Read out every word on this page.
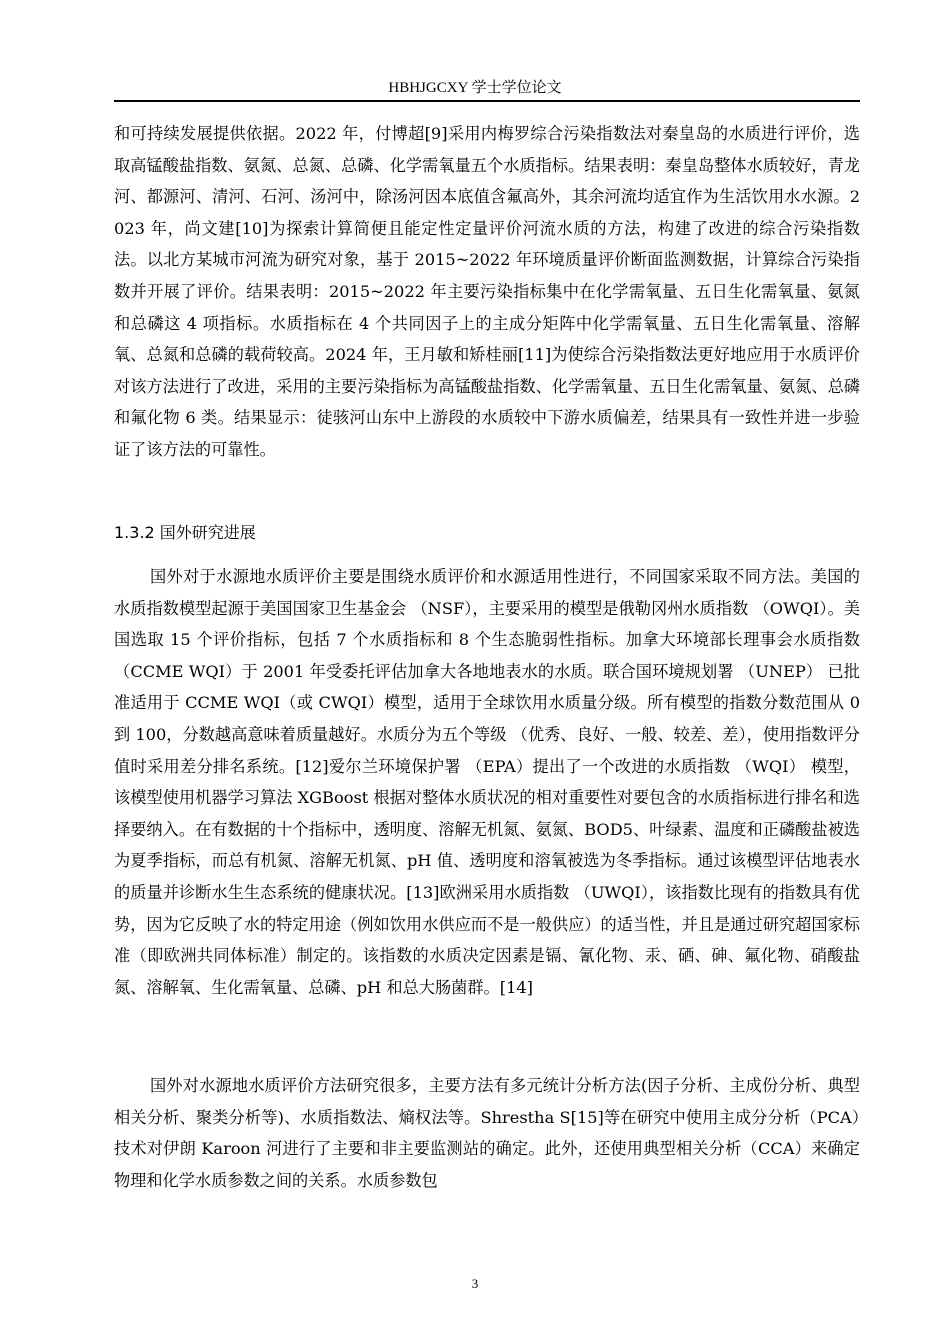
HBHJGCXY 学士学位论文

和可持续发展提供依据。2022 年，付博超[9]采用内梅罗综合污染指数法对秦皇岛的水质进行评价，选取高锰酸盐指数、氨氮、总氮、总磷、化学需氧量五个水质指标。结果表明：秦皇岛整体水质较好，青龙河、都源河、清河、石河、汤河中，除汤河因本底值含氟高外，其余河流均适宜作为生活饮用水水源。2023 年，尚文建[10]为探索计算简便且能定性定量评价河流水质的方法，构建了改进的综合污染指数法。以北方某城市河流为研究对象，基于 2015~2022 年环境质量评价断面监测数据，计算综合污染指数并开展了评价。结果表明：2015~2022 年主要污染指标集中在化学需氧量、五日生化需氧量、氨氮和总磷这 4 项指标。水质指标在 4 个共同因子上的主成分矩阵中化学需氧量、五日生化需氧量、溶解氧、总氮和总磷的载荷较高。2024 年，王月敏和矫桂丽[11]为使综合污染指数法更好地应用于水质评价对该方法进行了改进，采用的主要污染指标为高锰酸盐指数、化学需氧量、五日生化需氧量、氨氮、总磷和氟化物 6 类。结果显示：徒骇河山东中上游段的水质较中下游水质偏差，结果具有一致性并进一步验证了该方法的可靠性。

1.3.2 国外研究进展

国外对于水源地水质评价主要是围绕水质评价和水源适用性进行，不同国家采取不同方法。美国的水质指数模型起源于美国国家卫生基金会 （NSF），主要采用的模型是俄勒冈州水质指数 （OWQI）。美国选取 15 个评价指标，包括 7 个水质指标和 8 个生态脆弱性指标。加拿大环境部长理事会水质指数 （CCME WQI）于 2001 年受委托评估加拿大各地地表水的水质。联合国环境规划署 （UNEP） 已批准适用于 CCME WQI（或 CWQI）模型，适用于全球饮用水质量分级。所有模型的指数分数范围从 0 到 100，分数越高意味着质量越好。水质分为五个等级 （优秀、良好、一般、较差、差），使用指数评分值时采用差分排名系统。[12]爱尔兰环境保护署 （EPA）提出了一个改进的水质指数 （WQI） 模型，该模型使用机器学习算法 XGBoost 根据对整体水质状况的相对重要性对要包含的水质指标进行排名和选择要纳入。在有数据的十个指标中，透明度、溶解无机氮、氨氮、BOD5、叶绿素、温度和正磷酸盐被选为夏季指标，而总有机氮、溶解无机氮、pH 值、透明度和溶氧被选为冬季指标。通过该模型评估地表水的质量并诊断水生生态系统的健康状况。[13]欧洲采用水质指数 （UWQI），该指数比现有的指数具有优势，因为它反映了水的特定用途（例如饮用水供应而不是一般供应）的适当性，并且是通过研究超国家标准（即欧洲共同体标准）制定的。该指数的水质决定因素是镉、氰化物、汞、硒、砷、氟化物、硝酸盐氮、溶解氧、生化需氧量、总磷、pH 和总大肠菌群。[14]

国外对水源地水质评价方法研究很多，主要方法有多元统计分析方法(因子分析、主成份分析、典型相关分析、聚类分析等)、水质指数法、熵权法等。Shrestha S[15]等在研究中使用主成分分析（PCA）技术对伊朗 Karoon 河进行了主要和非主要监测站的确定。此外，还使用典型相关分析（CCA）来确定物理和化学水质参数之间的关系。水质参数包

3
